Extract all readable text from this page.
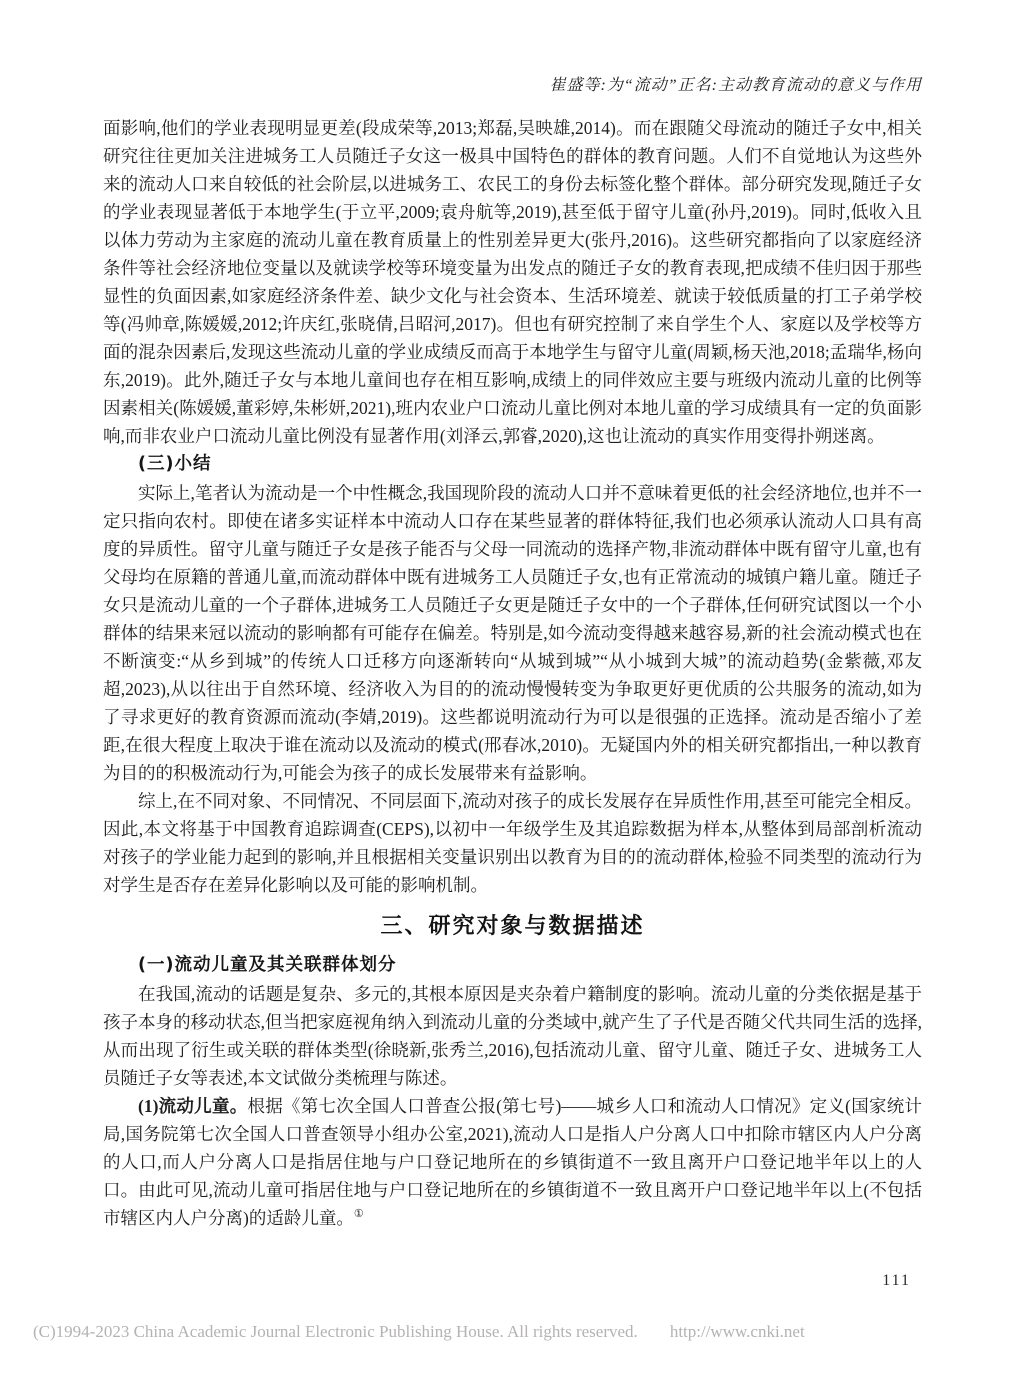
崔盛等:为“流动”正名:主动教育流动的意义与作用

面影响,他们的学业表现明显更差(段成荣等,2013;郑磊,吴映雄,2014)。而在跟随父母流动的随迁子女中,相关研究往往更加关注进城务工人员随迁子女这一极具中国特色的群体的教育问题。人们不自觉地认为这些外来的流动人口来自较低的社会阶层,以进城务工、农民工的身份去标签化整个群体。部分研究发现,随迁子女的学业表现显著低于本地学生(于立平,2009;袁舟航等,2019),甚至低于留守儿童(孙丹,2019)。同时,低收入且以体力劳动为主家庭的流动儿童在教育质量上的性别差异更大(张丹,2016)。这些研究都指向了以家庭经济条件等社会经济地位变量以及就读学校等环境变量为出发点的随迁子女的教育表现,把成绩不佳归因于那些显性的负面因素,如家庭经济条件差、缺少文化与社会资本、生活环境差、就读于较低质量的打工子弟学校等(冯帅章,陈媛媛,2012;许庆红,张晓倩,吕昭河,2017)。但也有研究控制了来自学生个人、家庭以及学校等方面的混杂因素后,发现这些流动儿童的学业成绩反而高于本地学生与留守儿童(周颖,杨天池,2018;孟瑞华,杨向东,2019)。此外,随迁子女与本地儿童间也存在相互影响,成绩上的同伴效应主要与班级内流动儿童的比例等因素相关(陈媛媛,董彩婷,朱彬妍,2021),班内农业户口流动儿童比例对本地儿童的学习成绩具有一定的负面影响,而非农业户口流动儿童比例没有显著作用(刘泽云,郭睿,2020),这也让流动的真实作用变得扑朔迷离。

(三)小结

实际上,笔者认为流动是一个中性概念,我国现阶段的流动人口并不意味着更低的社会经济地位,也并不一定只指向农村。即使在诸多实证样本中流动人口存在某些显著的群体特征,我们也必须承认流动人口具有高度的异质性。留守儿童与随迁子女是孩子能否与父母一同流动的选择产物,非流动群体中既有留守儿童,也有父母均在原籍的普通儿童,而流动群体中既有进城务工人员随迁子女,也有正常流动的城镇户籍儿童。随迁子女只是流动儿童的一个子群体,进城务工人员随迁子女更是随迁子女中的一个子群体,任何研究试图以一个小群体的结果来冠以流动的影响都有可能存在偏差。特别是,如今流动变得越来越容易,新的社会流动模式也在不断演变:“从乡到城”的传统人口迁移方向逐渐转向“从城到城”“从小城到大城”的流动趋势(金紫薇,邓友超,2023),从以往出于自然环境、经济收入为目的的流动慢慢转变为争取更好更优质的公共服务的流动,如为了寻求更好的教育资源而流动(李婧,2019)。这些都说明流动行为可以是很强的正选择。流动是否缩小了差距,在很大程度上取决于谁在流动以及流动的模式(邢春冰,2010)。无疑国内外的相关研究都指出,一种以教育为目的的积极流动行为,可能会为孩子的成长发展带来有益影响。

综上,在不同对象、不同情况、不同层面下,流动对孩子的成长发展存在异质性作用,甚至可能完全相反。因此,本文将基于中国教育追踪调查(CEPS),以初中一年级学生及其追踪数据为样本,从整体到局部剖析流动对孩子的学业能力起到的影响,并且根据相关变量识别出以教育为目的的流动群体,检验不同类型的流动行为对学生是否存在差异化影响以及可能的影响机制。

三、研究对象与数据描述
(一)流动儿童及其关联群体划分

在我国,流动的话题是复杂、多元的,其根本原因是夹杂着户籍制度的影响。流动儿童的分类依据是基于孩子本身的移动状态,但当把家庭视角纳入到流动儿童的分类域中,就产生了子代是否随父代共同生活的选择,从而出现了衍生或关联的群体类型(徐晓新,张秀兰,2016),包括流动儿童、留守儿童、随迁子女、进城务工人员随迁子女等表述,本文试做分类梳理与陈述。

(1)流动儿童。根据《第七次全国人口普查公报(第七号)——城乡人口和流动人口情况》定义(国家统计局,国务院第七次全国人口普查领导小组办公室,2021),流动人口是指人户分离人口中扣除市辖区内人户分离的人口,而人户分离人口是指居住地与户口登记地所在的乡镇街道不一致且离开户口登记地半年以上的人口。由此可见,流动儿童可指居住地与户口登记地所在的乡镇街道不一致且离开户口登记地半年以上(不包括市辖区内人户分离)的适龄儿童。①

111
(C)1994-2023 China Academic Journal Electronic Publishing House. All rights reserved. http://www.cnki.net
